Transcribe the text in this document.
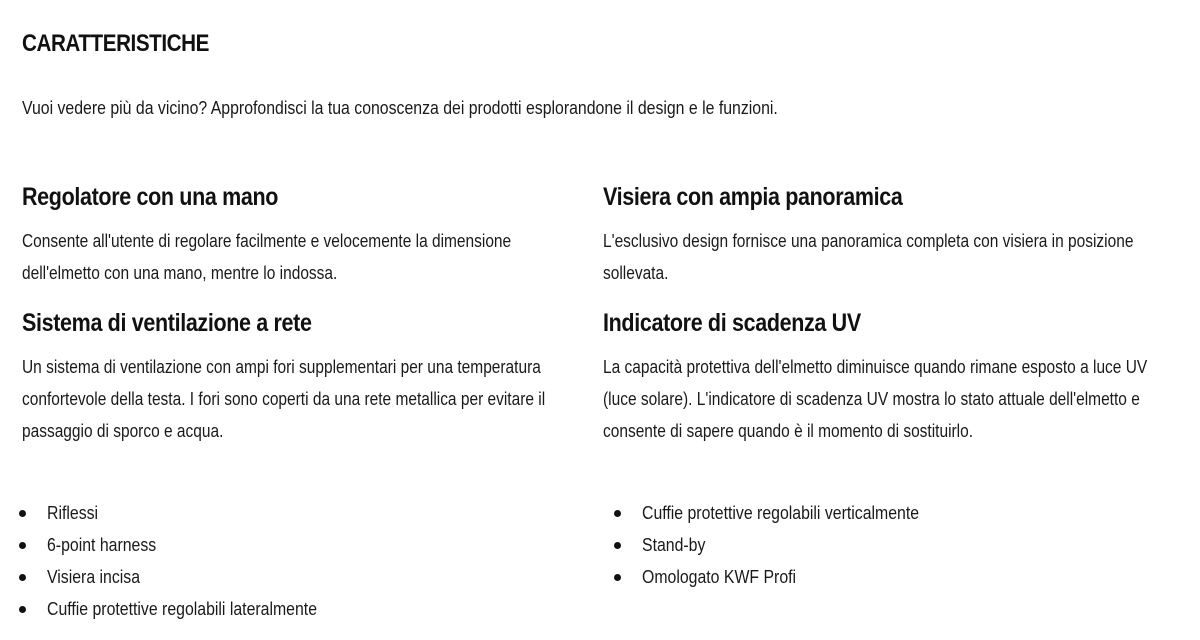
CARATTERISTICHE

Vuoi vedere più da vicino? Approfondisci la tua conoscenza dei prodotti esplorandone il design e le funzioni.

Regolatore con una mano

Consente all'utente di regolare facilmente e velocemente la dimensione dell'elmetto con una mano, mentre lo indossa.

Visiera con ampia panoramica

L'esclusivo design fornisce una panoramica completa con visiera in posizione sollevata.

Sistema di ventilazione a rete

Un sistema di ventilazione con ampi fori supplementari per una temperatura confortevole della testa. I fori sono coperti da una rete metallica per evitare il passaggio di sporco e acqua.

Indicatore di scadenza UV

La capacità protettiva dell'elmetto diminuisce quando rimane esposto a luce UV (luce solare). L'indicatore di scadenza UV mostra lo stato attuale dell'elmetto e consente di sapere quando è il momento di sostituirlo.

Riflessi
6-point harness
Visiera incisa
Cuffie protettive regolabili lateralmente
Cuffie protettive regolabili verticalmente
Stand-by
Omologato KWF Profi
